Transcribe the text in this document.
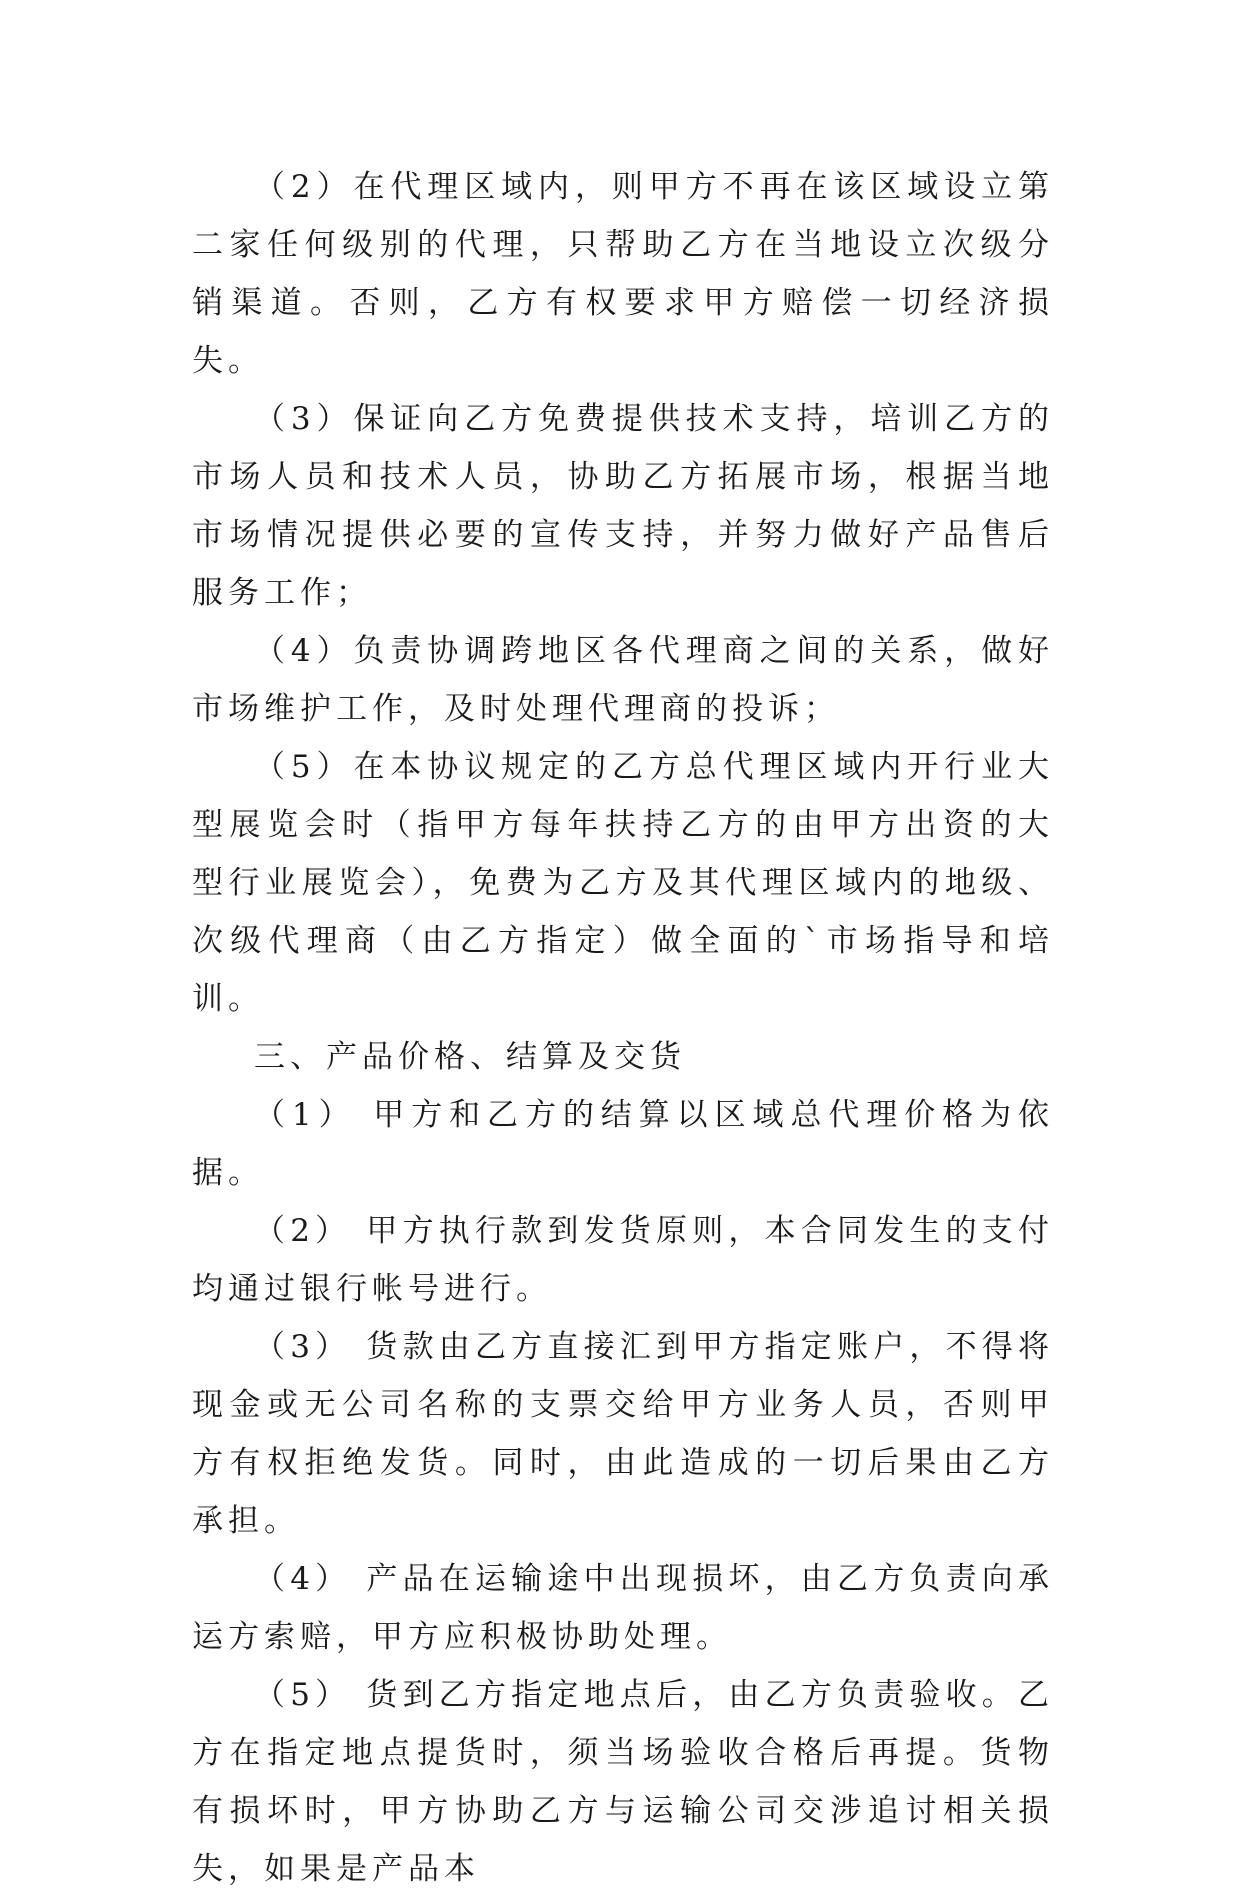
（2）在代理区域内，则甲方不再在该区域设立第二家任何级别的代理，只帮助乙方在当地设立次级分销渠道。否则，乙方有权要求甲方赔偿一切经济损失。

（3）保证向乙方免费提供技术支持，培训乙方的市场人员和技术人员，协助乙方拓展市场，根据当地市场情况提供必要的宣传支持，并努力做好产品售后服务工作；

（4）负责协调跨地区各代理商之间的关系，做好市场维护工作，及时处理代理商的投诉；

（5）在本协议规定的乙方总代理区域内开行业大型展览会时（指甲方每年扶持乙方的由甲方出资的大型行业展览会），免费为乙方及其代理区域内的地级、次级代理商（由乙方指定）做全面的`市场指导和培训。

三、产品价格、结算及交货

（1） 甲方和乙方的结算以区域总代理价格为依据。

（2） 甲方执行款到发货原则，本合同发生的支付均通过银行帐号进行。

（3） 货款由乙方直接汇到甲方指定账户，不得将现金或无公司名称的支票交给甲方业务人员，否则甲方有权拒绝发货。同时，由此造成的一切后果由乙方承担。

（4） 产品在运输途中出现损坏，由乙方负责向承运方索赔，甲方应积极协助处理。

（5） 货到乙方指定地点后，由乙方负责验收。乙方在指定地点提货时，须当场验收合格后再提。货物有损坏时，甲方协助乙方与运输公司交涉追讨相关损失，如果是产品本
